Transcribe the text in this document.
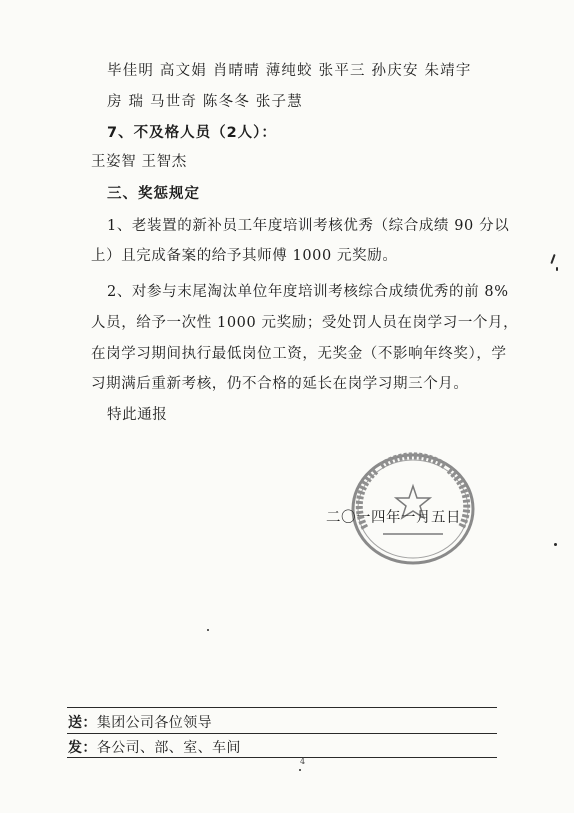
毕佳明 高文娟 肖晴晴 薄纯蛟 张平三 孙庆安 朱靖宇
房 瑞 马世奇 陈冬冬 张子慧
7、不及格人员（2人）：
王姿智 王智杰
三、奖惩规定
1、老装置的新补员工年度培训考核优秀（综合成绩 90 分以
上）且完成备案的给予其师傅 1000 元奖励。
2、对参与末尾淘汰单位年度培训考核综合成绩优秀的前 8%
人员，给予一次性 1000 元奖励；受处罚人员在岗学习一个月，
在岗学习期间执行最低岗位工资，无奖金（不影响年终奖），学
习期满后重新考核，仍不合格的延长在岗学习期三个月。
特此通报
二〇一四年一月五日
送：集团公司各位领导
发：各公司、部、室、车间
4
